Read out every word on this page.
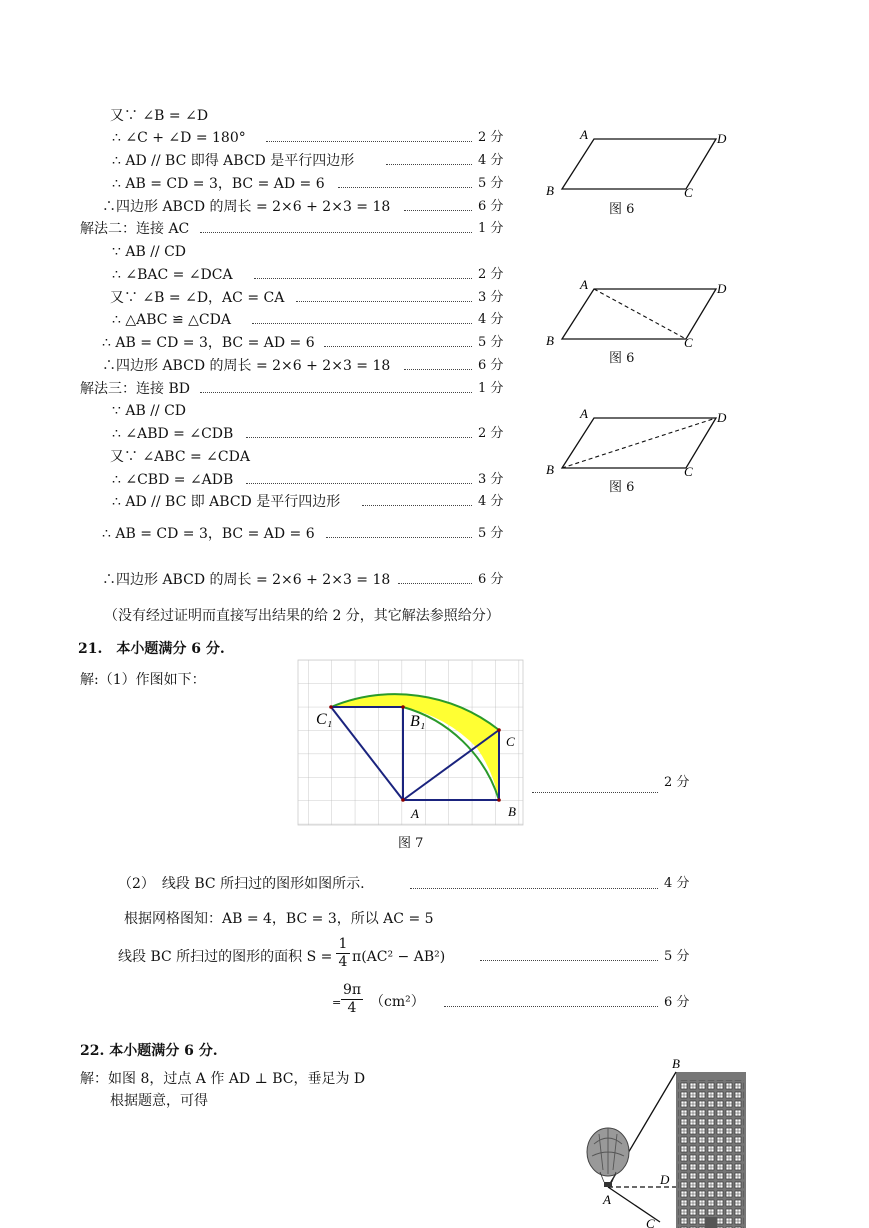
又∵ ∠B = ∠D
∴ ∠C + ∠D = 180°	2 分
∴ AD // BC 即得 ABCD 是平行四边形	4 分
∴ AB = CD = 3，BC = AD = 6	5 分
∴四边形 ABCD 的周长 = 2×6 + 2×3 = 18	6 分
解法二：连接 AC	1 分
∵ AB // CD
∴ ∠BAC = ∠DCA	2 分
又∵ ∠B = ∠D，AC = CA	3 分
∴ △ABC ≌ △CDA	4 分
∴ AB = CD = 3，BC = AD = 6	5 分
∴四边形 ABCD 的周长 = 2×6 + 2×3 = 18	6 分
解法三：连接 BD	1 分
∵ AB // CD
∴ ∠ABD = ∠CDB	2 分
又∵ ∠ABC = ∠CDA
∴ ∠CBD = ∠ADB	3 分
∴ AD // BC 即 ABCD 是平行四边形	4 分
∴ AB = CD = 3，BC = AD = 6	5 分
∴四边形 ABCD 的周长 = 2×6 + 2×3 = 18	6 分
（没有经过证明而直接写出结果的给 2 分，其它解法参照给分）
A	D
B	C
图 6
A	D
B	C
图 6
A	D
B	C
图 6
21.　本小题满分 6 分.
解:（1）作图如下：
C₁	B₁
C
A	B
2 分
图 7
（2）　线段 BC 所扫过的图形如图所示.	4 分
根据网格图知：AB = 4，BC = 3，所以 AC = 5
线段 BC 所扫过的图形的面积 S =
1
4 π(AC² − AB²)	5 分
=
9π
4 （cm²）	6 分
22. 本小题满分 6 分.
解：如图 8，过点 A 作 AD ⊥ BC，垂足为 D
根据题意，可得
B
D
A
C
